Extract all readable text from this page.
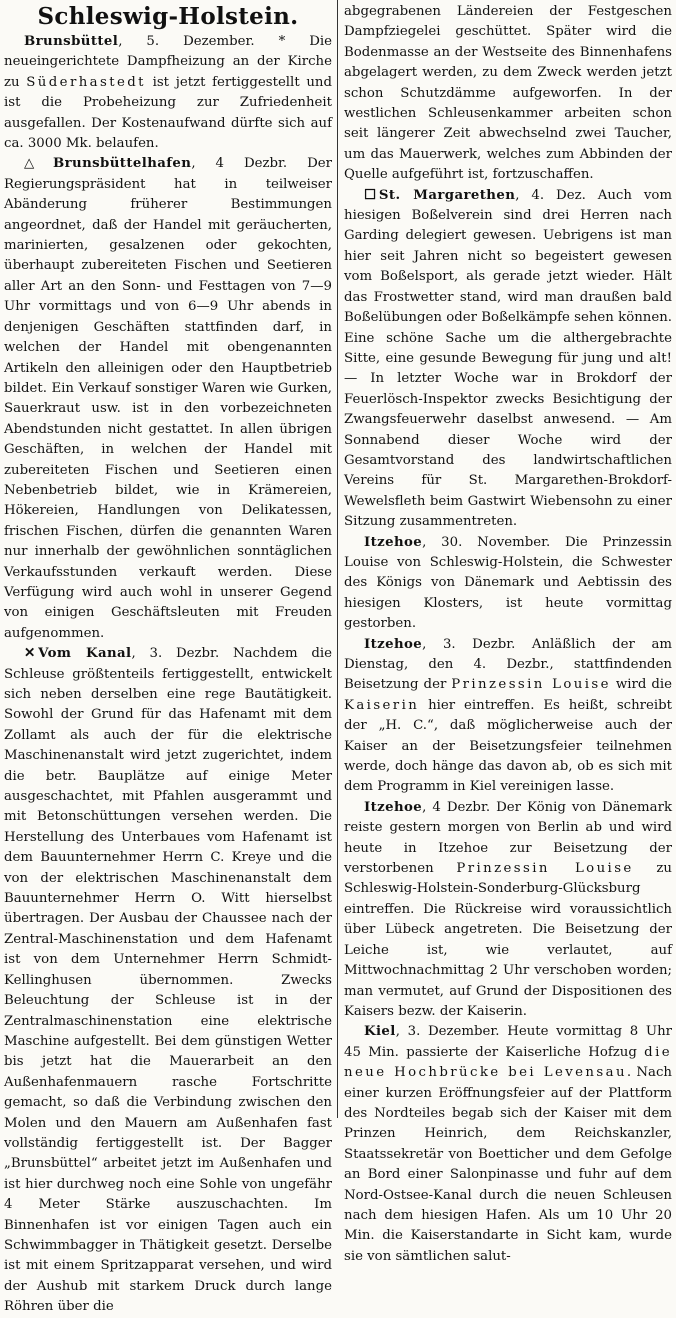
Schleswig-Holstein.

Brunsbüttel, 5. Dezember. * Die neueingerichtete Dampfheizung an der Kirche zu Süderhastedt ist jetzt fertiggestellt und ist die Probeheizung zur Zufriedenheit ausgefallen. Der Kostenaufwand dürfte sich auf ca. 3000 Mk. belaufen.

△ Brunsbüttelhafen, 4 Dezbr. Der Regierungspräsident hat in teilweiser Abänderung früherer Bestimmungen angeordnet, daß der Handel mit geräucherten, marinierten, gesalzenen oder gekochten, überhaupt zubereiteten Fischen und Seetieren aller Art an den Sonn- und Festtagen von 7—9 Uhr vormittags und von 6—9 Uhr abends in denjenigen Geschäften stattfinden darf, in welchen der Handel mit obengenannten Artikeln den alleinigen oder den Hauptbetrieb bildet. Ein Verkauf sonstiger Waren wie Gurken, Sauerkraut usw. ist in den vorbezeichneten Abendstunden nicht gestattet. In allen übrigen Geschäften, in welchen der Handel mit zubereiteten Fischen und Seetieren einen Nebenbetrieb bildet, wie in Krämereien, Hökereien, Handlungen von Delikatessen, frischen Fischen, dürfen die genannten Waren nur innerhalb der gewöhnlichen sonntäglichen Verkaufsstunden verkauft werden. Diese Verfügung wird auch wohl in unserer Gegend von einigen Geschäftsleuten mit Freuden aufgenommen.

✕ Vom Kanal, 3. Dezbr. Nachdem die Schleuse größtenteils fertiggestellt, entwickelt sich neben derselben eine rege Bautätigkeit. Sowohl der Grund für das Hafenamt mit dem Zollamt als auch der für die elektrische Maschinenanstalt wird jetzt zugerichtet, indem die betr. Bauplätze auf einige Meter ausgeschachtet, mit Pfahlen ausgerammt und mit Betonschüttungen versehen werden. Die Herstellung des Unterbaues vom Hafenamt ist dem Bauunternehmer Herrn C. Kreye und die von der elektrischen Maschinenanstalt dem Bauunternehmer Herrn O. Witt hierselbst übertragen. Der Ausbau der Chaussee nach der Zentral-Maschinenstation und dem Hafenamt ist von dem Unternehmer Herrn Schmidt-Kellinghusen übernommen. Zwecks Beleuchtung der Schleuse ist in der Zentralmaschinenstation eine elektrische Maschine aufgestellt. Bei dem günstigen Wetter bis jetzt hat die Mauerarbeit an den Außenhafenmauern rasche Fortschritte gemacht, so daß die Verbindung zwischen den Molen und den Mauern am Außenhafen fast vollständig fertiggestellt ist. Der Bagger „Brunsbüttel“ arbeitet jetzt im Außenhafen und ist hier durchweg noch eine Sohle von ungefähr 4 Meter Stärke auszuschachten. Im Binnenhafen ist vor einigen Tagen auch ein Schwimmbagger in Thätigkeit gesetzt. Derselbe ist mit einem Spritzapparat versehen, und wird der Aushub mit starkem Druck durch lange Röhren über die

abgegrabenen Ländereien der Festgeschen Dampfziegelei geschüttet. Später wird die Bodenmasse an der Westseite des Binnenhafens abgelagert werden, zu dem Zweck werden jetzt schon Schutzdämme aufgeworfen. In der westlichen Schleusenkammer arbeiten schon seit längerer Zeit abwechselnd zwei Taucher, um das Mauerwerk, welches zum Abbinden der Quelle aufgeführt ist, fortzuschaffen.

☐ St. Margarethen, 4. Dez. Auch vom hiesigen Boßelverein sind drei Herren nach Garding delegiert gewesen. Uebrigens ist man hier seit Jahren nicht so begeistert gewesen vom Boßelsport, als gerade jetzt wieder. Hält das Frostwetter stand, wird man draußen bald Boßelübungen oder Boßelkämpfe sehen können. Eine schöne Sache um die althergebrachte Sitte, eine gesunde Bewegung für jung und alt! — In letzter Woche war in Brokdorf der Feuerlösch-Inspektor zwecks Besichtigung der Zwangsfeuerwehr daselbst anwesend. — Am Sonnabend dieser Woche wird der Gesamtvorstand des landwirtschaftlichen Vereins für St. Margarethen-Brokdorf-Wewelsfleth beim Gastwirt Wiebensohn zu einer Sitzung zusammentreten.

Itzehoe, 30. November. Die Prinzessin Louise von Schleswig-Holstein, die Schwester des Königs von Dänemark und Aebtissin des hiesigen Klosters, ist heute vormittag gestorben.

Itzehoe, 3. Dezbr. Anläßlich der am Dienstag, den 4. Dezbr., stattfindenden Beisetzung der Prinzessin Louise wird die Kaiserin hier eintreffen. Es heißt, schreibt der „H. C.“, daß möglicherweise auch der Kaiser an der Beisetzungsfeier teilnehmen werde, doch hänge das davon ab, ob es sich mit dem Programm in Kiel vereinigen lasse.

Itzehoe, 4 Dezbr. Der König von Dänemark reiste gestern morgen von Berlin ab und wird heute in Itzehoe zur Beisetzung der verstorbenen Prinzessin Louise zu Schleswig-Holstein-Sonderburg-Glücksburg eintreffen. Die Rückreise wird voraussichtlich über Lübeck angetreten. Die Beisetzung der Leiche ist, wie verlautet, auf Mittwochnachmittag 2 Uhr verschoben worden; man vermutet, auf Grund der Dispositionen des Kaisers bezw. der Kaiserin.

Kiel, 3. Dezember. Heute vormittag 8 Uhr 45 Min. passierte der Kaiserliche Hofzug die neue Hochbrücke bei Levensau. Nach einer kurzen Eröffnungsfeier auf der Plattform des Nordteiles begab sich der Kaiser mit dem Prinzen Heinrich, dem Reichskanzler, Staatssekretär von Boetticher und dem Gefolge an Bord einer Salonpinasse und fuhr auf dem Nord-Ostsee-Kanal durch die neuen Schleusen nach dem hiesigen Hafen. Als um 10 Uhr 20 Min. die Kaiserstandarte in Sicht kam, wurde sie von sämtlichen salut-
